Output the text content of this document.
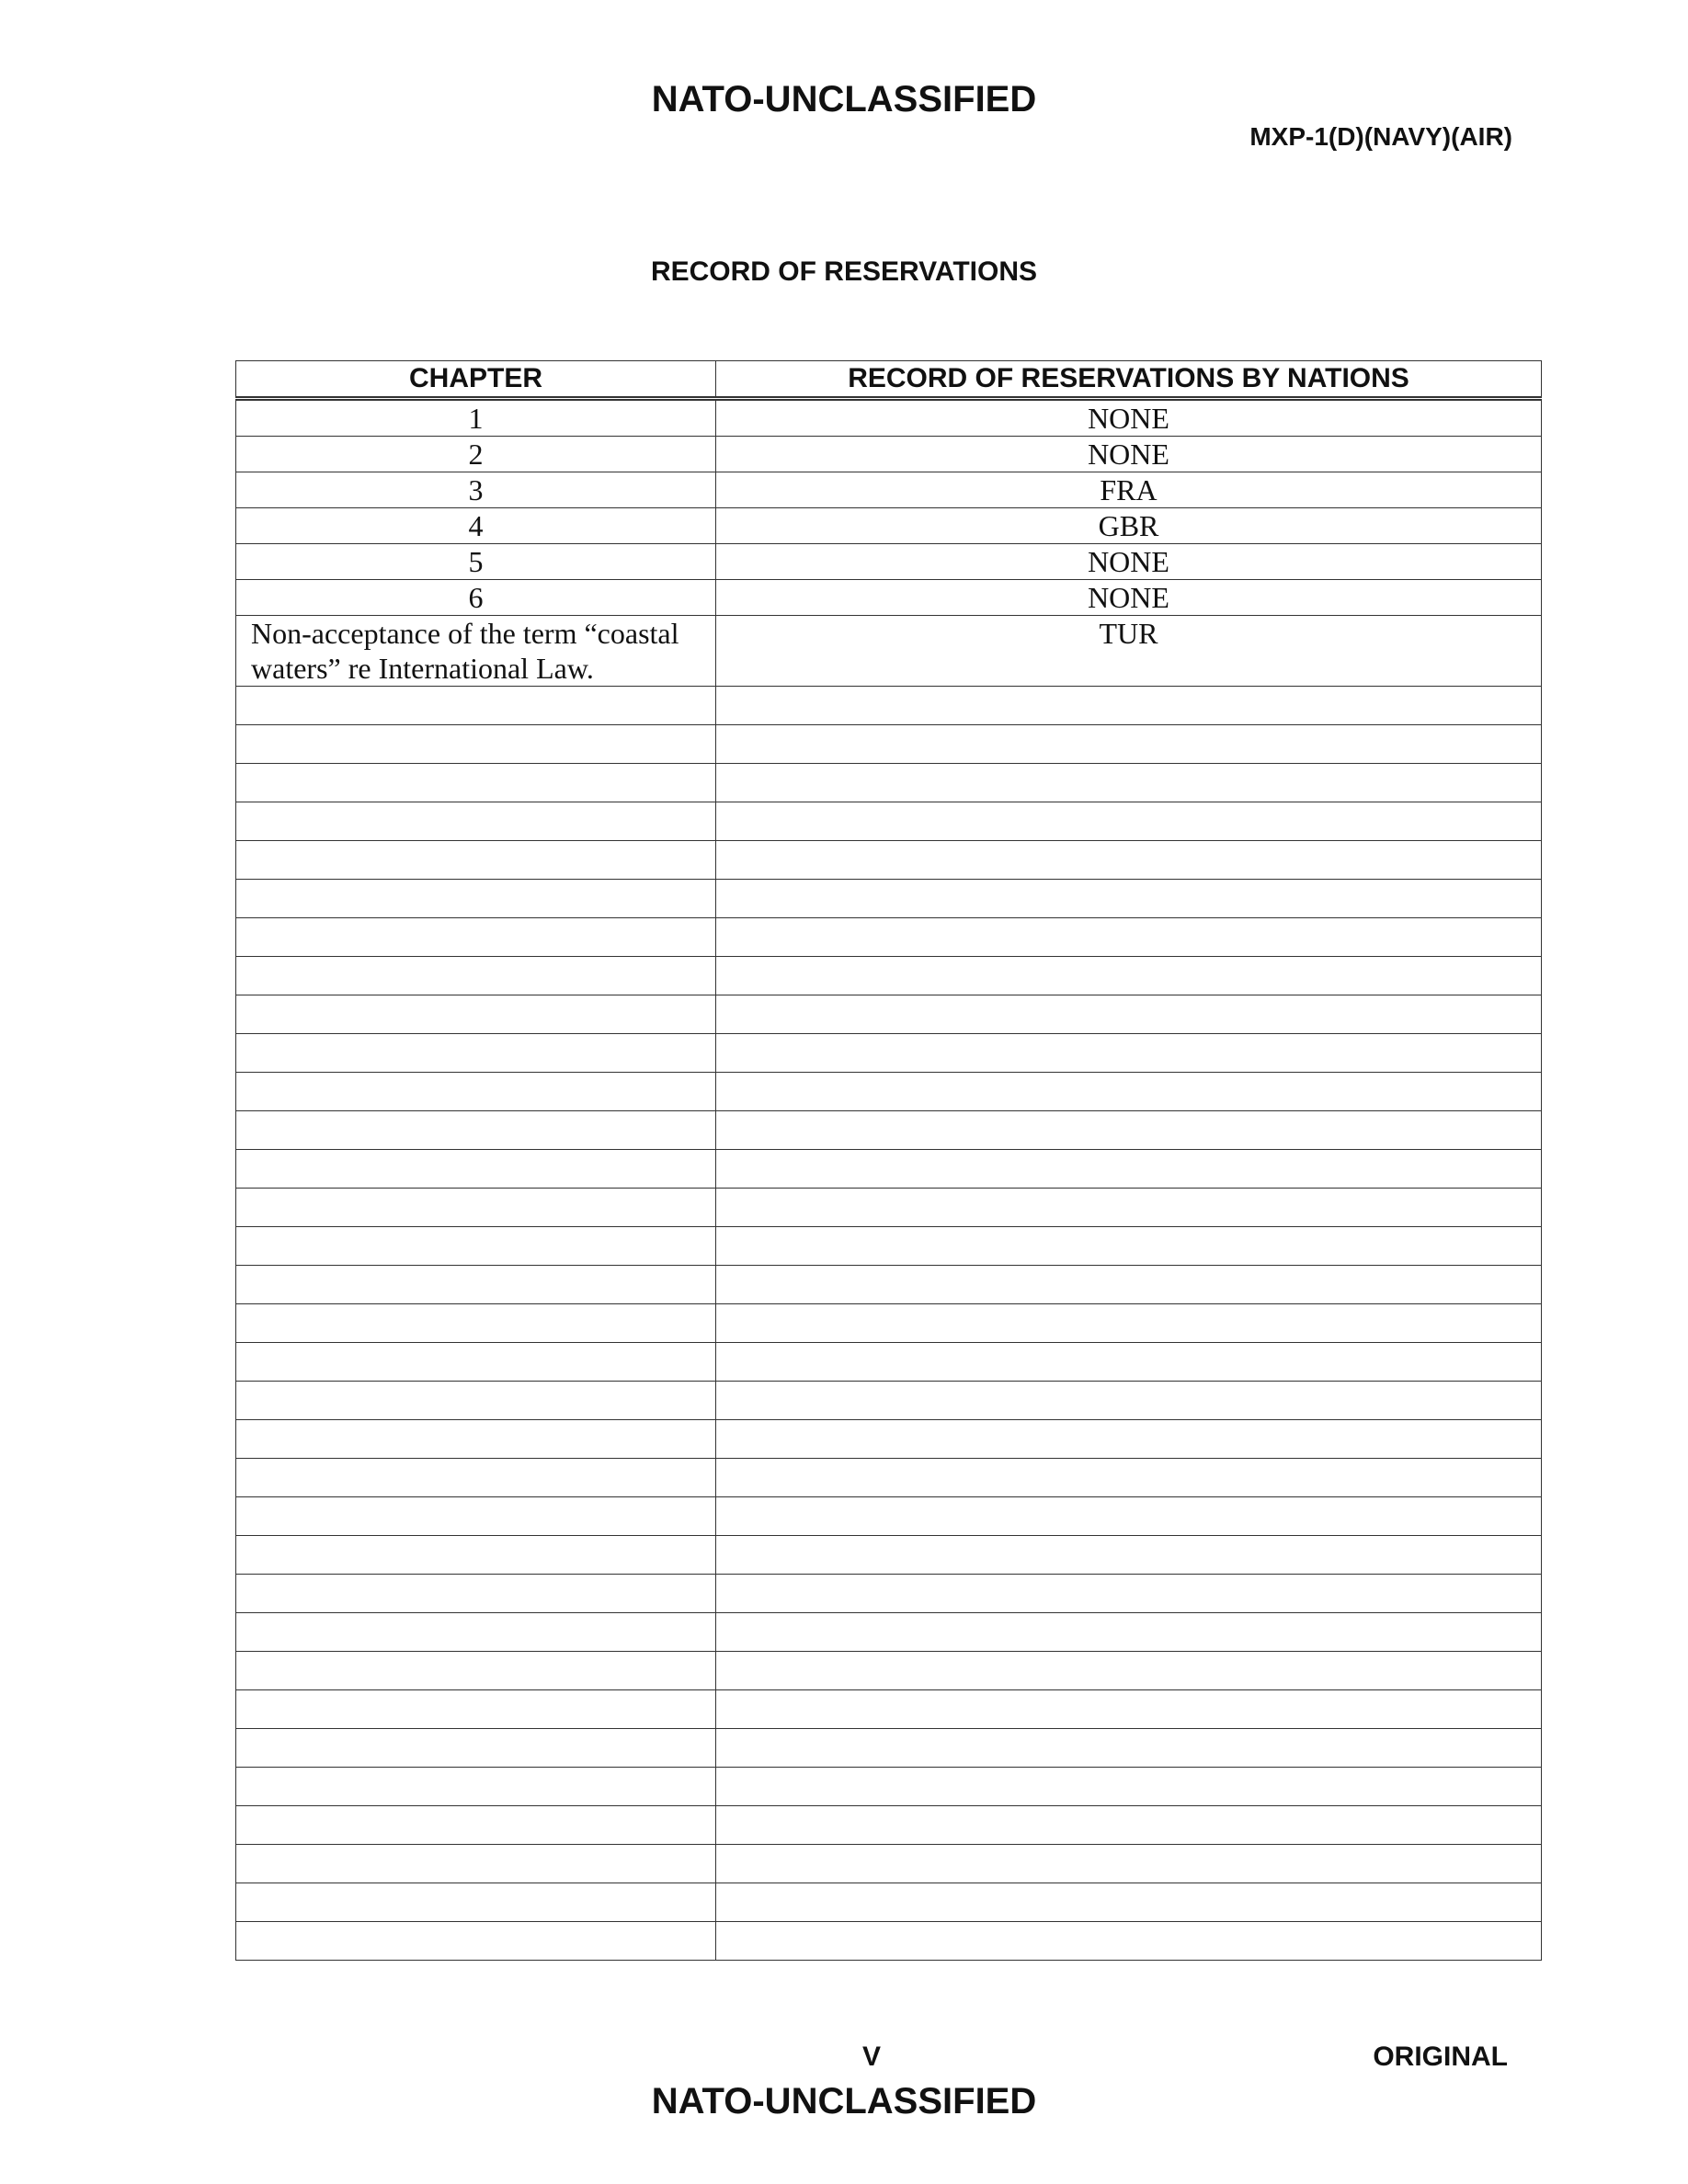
NATO-UNCLASSIFIED
MXP-1(D)(NAVY)(AIR)
RECORD OF RESERVATIONS
CHAPTER	RECORD OF RESERVATIONS BY NATIONS
1	NONE
2	NONE
3	FRA
4	GBR
5	NONE
6	NONE
Non-acceptance of the term “coastal waters” re International Law.	TUR

V	ORIGINAL
NATO-UNCLASSIFIED
